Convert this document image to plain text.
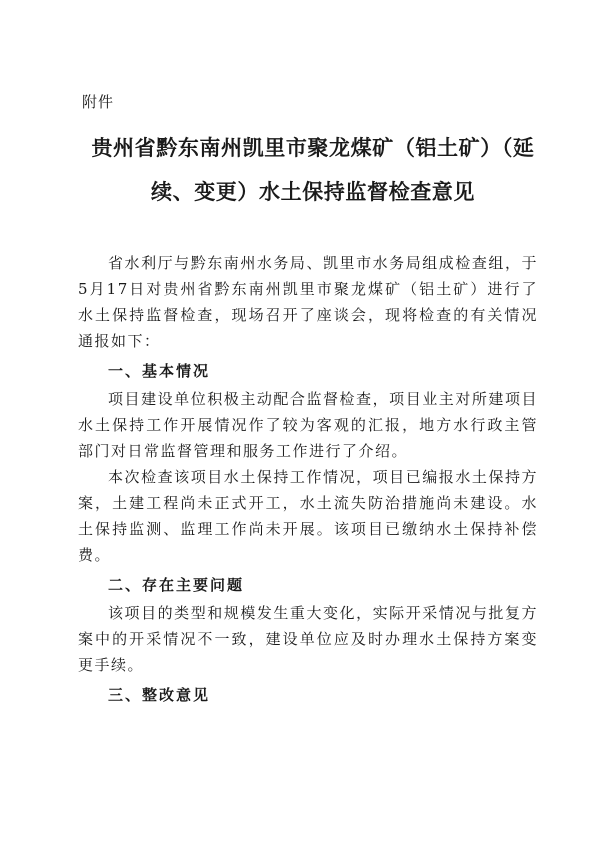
附件
贵州省黔东南州凯里市聚龙煤矿（铝土矿）（延续、变更）水土保持监督检查意见

省水利厅与黔东南州水务局、凯里市水务局组成检查组，于5月17日对贵州省黔东南州凯里市聚龙煤矿（铝土矿）进行了水土保持监督检查，现场召开了座谈会，现将检查的有关情况通报如下：

一、基本情况

项目建设单位积极主动配合监督检查，项目业主对所建项目水土保持工作开展情况作了较为客观的汇报，地方水行政主管部门对日常监督管理和服务工作进行了介绍。

本次检查该项目水土保持工作情况，项目已编报水土保持方案，土建工程尚未正式开工，水土流失防治措施尚未建设。水土保持监测、监理工作尚未开展。该项目已缴纳水土保持补偿费。

二、存在主要问题

该项目的类型和规模发生重大变化，实际开采情况与批复方案中的开采情况不一致，建设单位应及时办理水土保持方案变更手续。

三、整改意见
